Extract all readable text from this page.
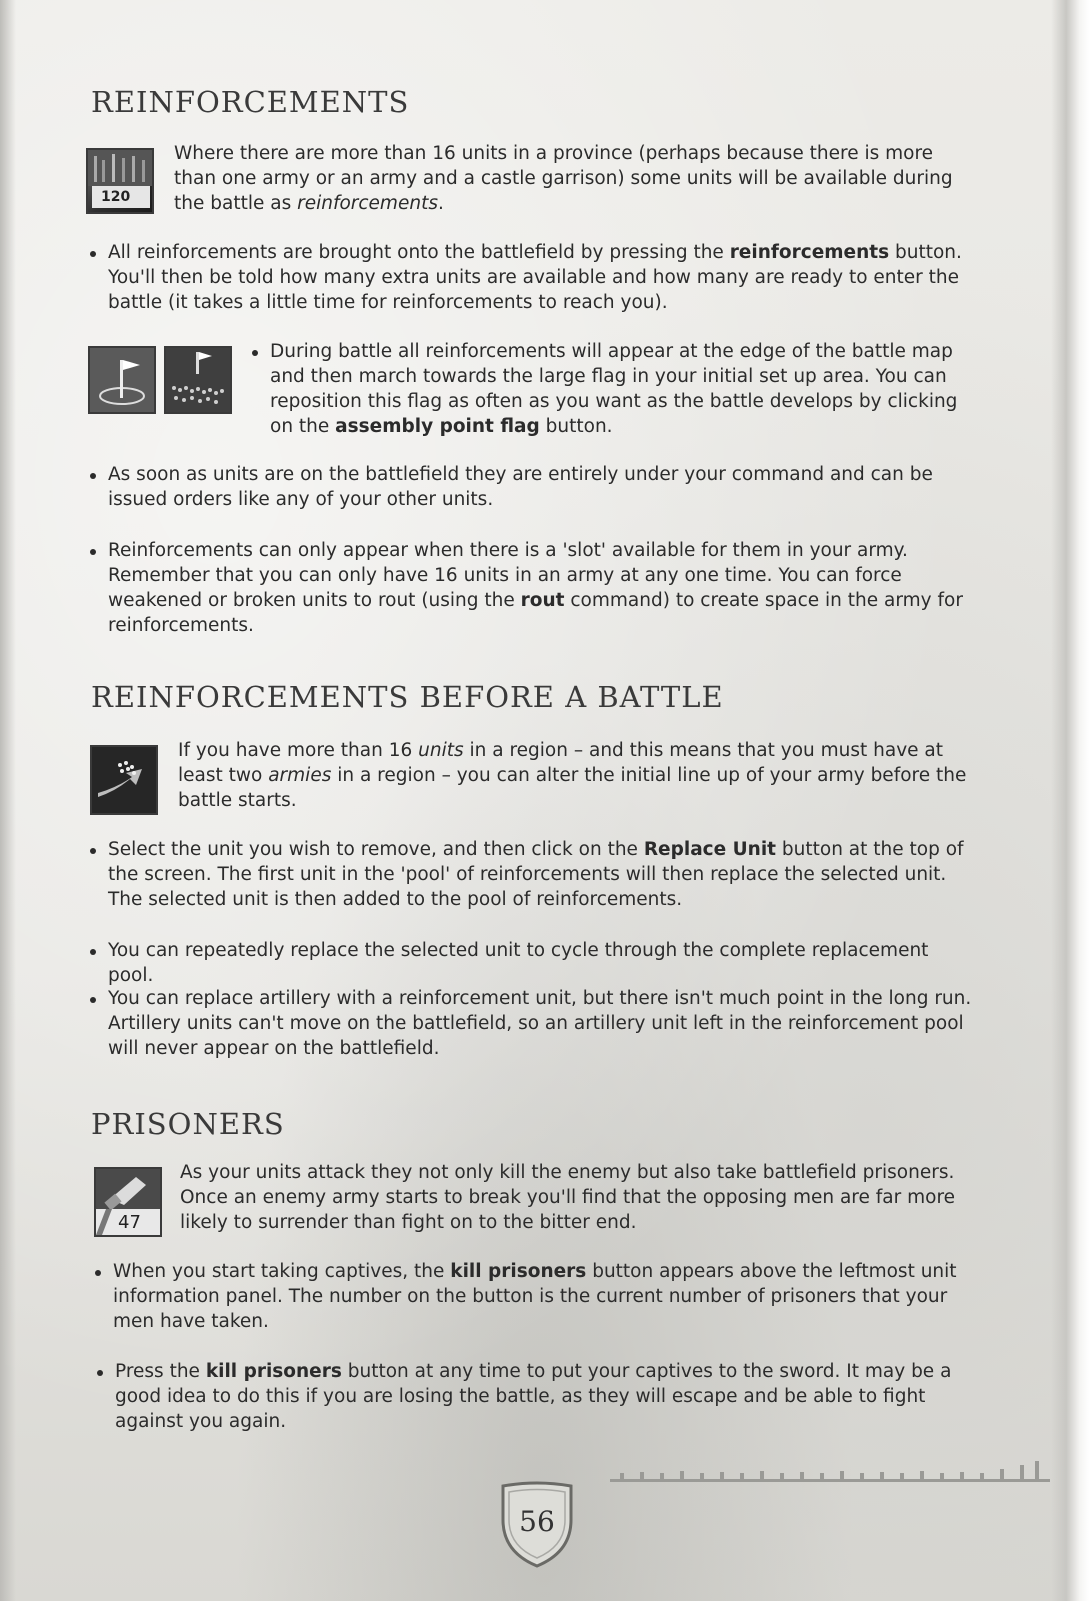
REINFORCEMENTS
120
Where there are more than 16 units in a province (perhaps because there is more than one army or an army and a castle garrison) some units will be available during the battle as reinforcements.
All reinforcements are brought onto the battlefield by pressing the reinforcements button. You'll then be told how many extra units are available and how many are ready to enter the battle (it takes a little time for reinforcements to reach you).
During battle all reinforcements will appear at the edge of the battle map and then march towards the large flag in your initial set up area. You can reposition this flag as often as you want as the battle develops by clicking on the assembly point flag button.
As soon as units are on the battlefield they are entirely under your command and can be issued orders like any of your other units.
Reinforcements can only appear when there is a 'slot' available for them in your army. Remember that you can only have 16 units in an army at any one time. You can force weakened or broken units to rout (using the rout command) to create space in the army for reinforcements.
REINFORCEMENTS BEFORE A BATTLE
If you have more than 16 units in a region – and this means that you must have at least two armies in a region – you can alter the initial line up of your army before the battle starts.
Select the unit you wish to remove, and then click on the Replace Unit button at the top of the screen. The first unit in the 'pool' of reinforcements will then replace the selected unit. The selected unit is then added to the pool of reinforcements.
You can repeatedly replace the selected unit to cycle through the complete replacement pool.
You can replace artillery with a reinforcement unit, but there isn't much point in the long run. Artillery units can't move on the battlefield, so an artillery unit left in the reinforcement pool will never appear on the battlefield.
PRISONERS
47
As your units attack they not only kill the enemy but also take battlefield prisoners. Once an enemy army starts to break you'll find that the opposing men are far more likely to surrender than fight on to the bitter end.
When you start taking captives, the kill prisoners button appears above the leftmost unit information panel. The number on the button is the current number of prisoners that your men have taken.
Press the kill prisoners button at any time to put your captives to the sword. It may be a good idea to do this if you are losing the battle, as they will escape and be able to fight against you again.
56
